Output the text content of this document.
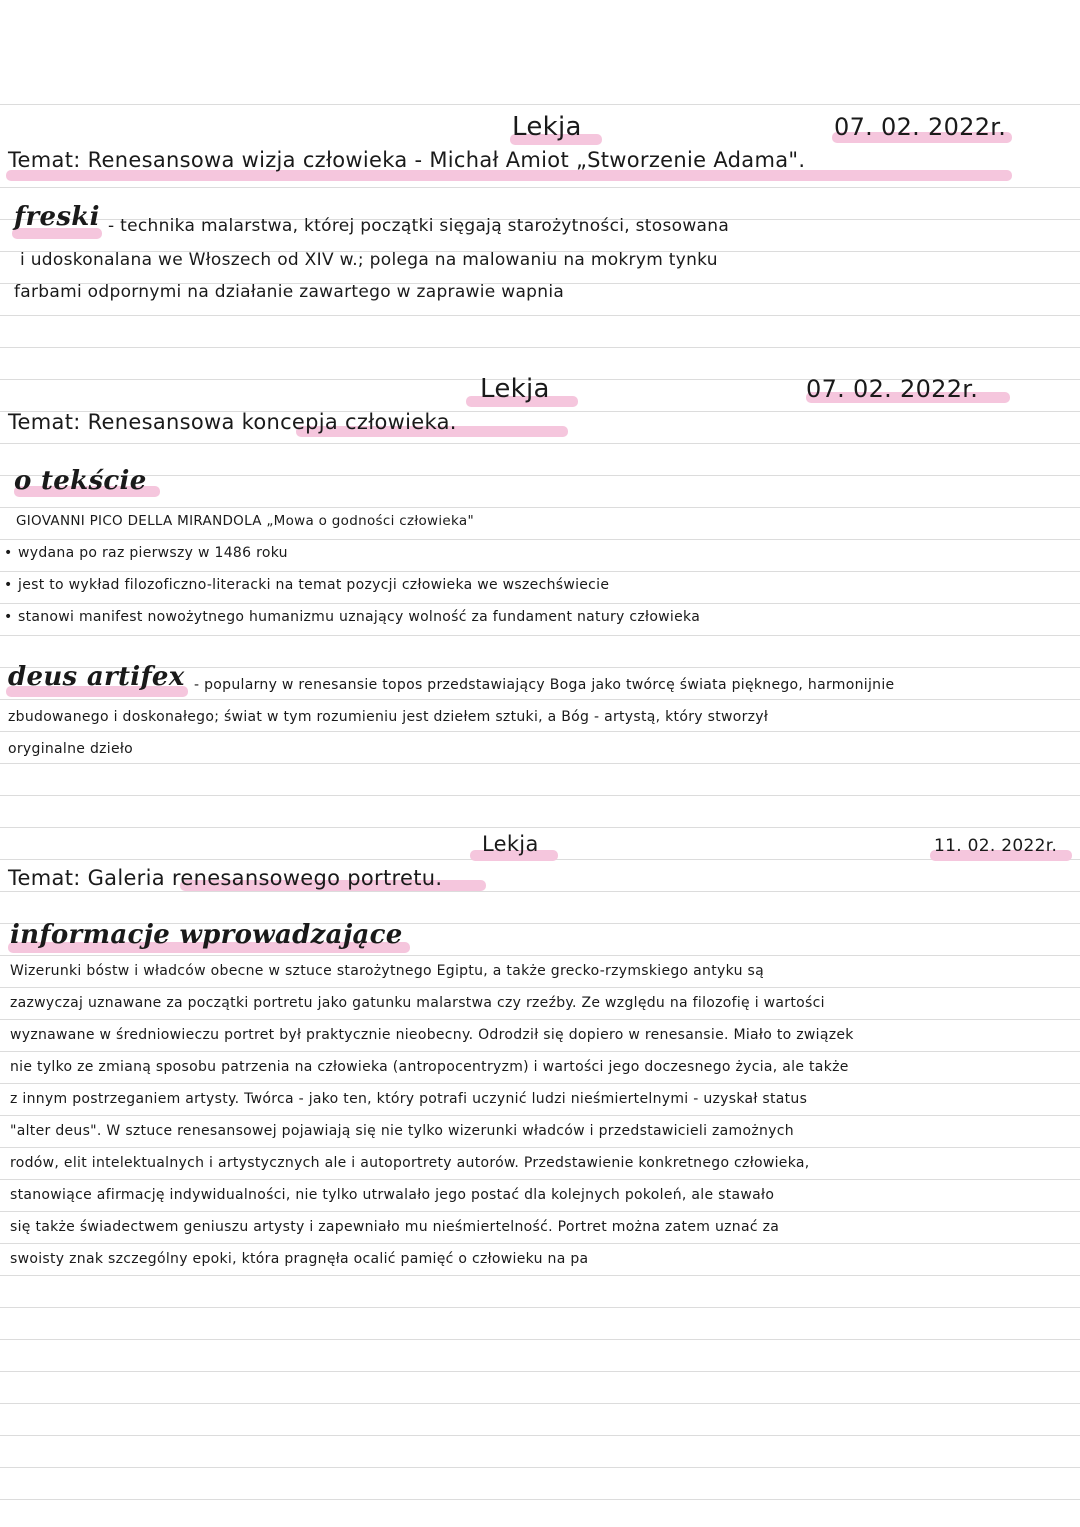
Lekja	07. 02. 2022r.
Temat: Renesansowa wizja człowieka - Michał Amiot „Stworzenie Adama".
freski - technika malarstwa, której początki sięgają starożytności, stosowana
i udoskonalana we Włoszech od XIV w.; polega na malowaniu na mokrym tynku
farbami odpornymi na działanie zawartego w zaprawie wapnia
Lekja	07. 02. 2022r.
Temat: Renesansowa koncepja człowieka.
o tekście
GIOVANNI PICO DELLA MIRANDOLA „Mowa o godności człowieka"
• wydana po raz pierwszy w 1486 roku
• jest to wykład filozoficzno-literacki na temat pozycji człowieka we wszechświecie
• stanowi manifest nowożytnego humanizmu uznający wolność za fundament natury człowieka
deus artifex - popularny w renesansie topos przedstawiający Boga jako twórcę świata pięknego, harmonijnie
zbudowanego i doskonałego; świat w tym rozumieniu jest dziełem sztuki, a Bóg - artystą, który stworzył
oryginalne dzieło
Lekja	11. 02. 2022r.
Temat: Galeria renesansowego portretu.
informacje wprowadzające
Wizerunki bóstw i władców obecne w sztuce starożytnego Egiptu, a także grecko-rzymskiego antyku są
zazwyczaj uznawane za początki portretu jako gatunku malarstwa czy rzeźby. Ze względu na filozofię i wartości
wyznawane w średniowieczu portret był praktycznie nieobecny. Odrodził się dopiero w renesansie. Miało to związek
nie tylko ze zmianą sposobu patrzenia na człowieka (antropocentryzm) i wartości jego doczesnego życia, ale także
z innym postrzeganiem artysty. Twórca - jako ten, który potrafi uczynić ludzi nieśmiertelnymi - uzyskał status
"alter deus". W sztuce renesansowej pojawiają się nie tylko wizerunki władców i przedstawicieli zamożnych
rodów, elit intelektualnych i artystycznych ale i autoportrety autorów. Przedstawienie konkretnego człowieka,
stanowiące afirmację indywidualności, nie tylko utrwalało jego postać dla kolejnych pokoleń, ale stawało
się także świadectwem geniuszu artysty i zapewniało mu nieśmiertelność. Portret można zatem uznać za
swoisty znak szczególny epoki, która pragnęła ocalić pamięć o człowieku na pa
